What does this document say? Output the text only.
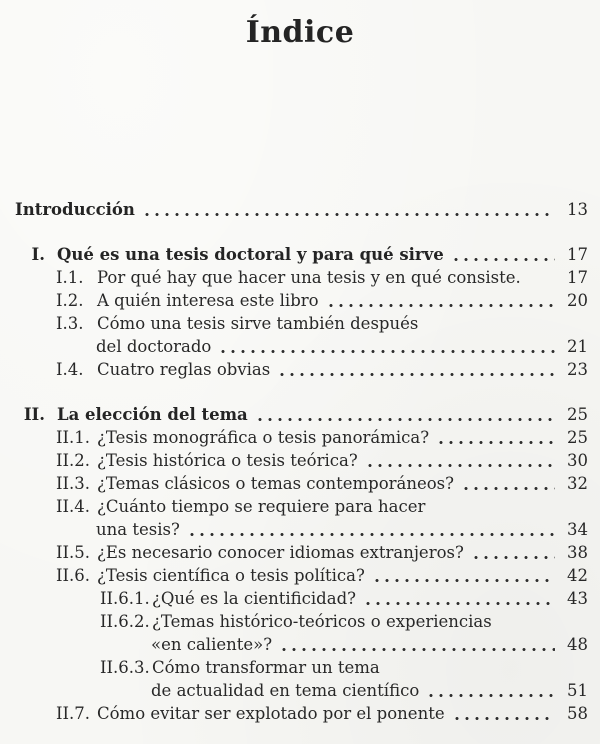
Índice
Introducción	13
I. Qué es una tesis doctoral y para qué sirve	17
I.1. Por qué hay que hacer una tesis y en qué consiste.	17
I.2. A quién interesa este libro	20
I.3. Cómo una tesis sirve también después
del doctorado	21
I.4. Cuatro reglas obvias	23
II. La elección del tema	25
II.1. ¿Tesis monográfica o tesis panorámica?	25
II.2. ¿Tesis histórica o tesis teórica?	30
II.3. ¿Temas clásicos o temas contemporáneos?	32
II.4. ¿Cuánto tiempo se requiere para hacer
una tesis?	34
II.5. ¿Es necesario conocer idiomas extranjeros?	38
II.6. ¿Tesis científica o tesis política?	42
II.6.1. ¿Qué es la cientificidad?	43
II.6.2. ¿Temas histórico-teóricos o experiencias
«en caliente»?	48
II.6.3. Cómo transformar un tema
de actualidad en tema científico	51
II.7. Cómo evitar ser explotado por el ponente	58
